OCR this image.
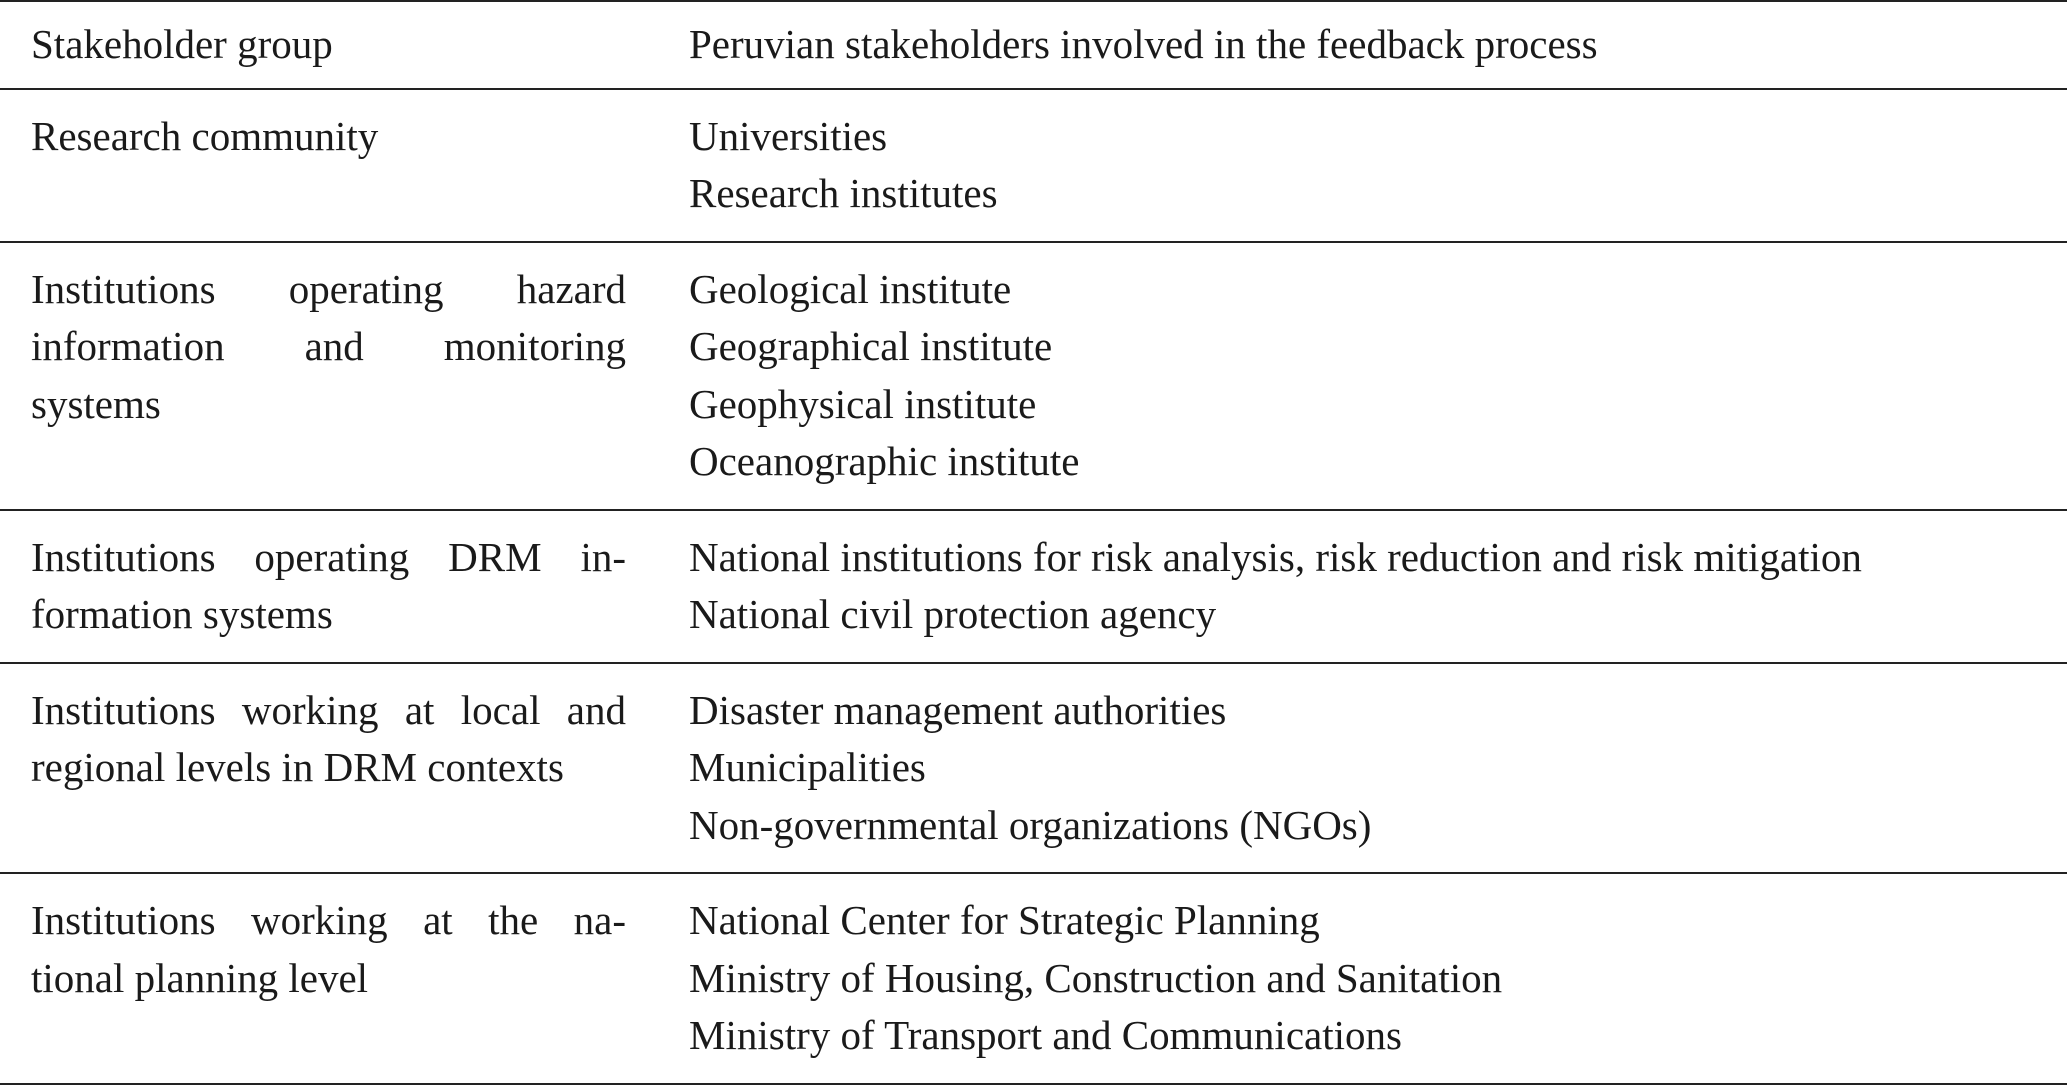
Stakeholder group	Peruvian stakeholders involved in the feedback process
Research community	Universities
Research institutes
Institutions operating hazard information and monitoring systems
Geological institute
Geographical institute
Geophysical institute
Oceanographic institute
Institutions operating DRM in-
formation systems
National institutions for risk analysis, risk reduction and risk mitigation
National civil protection agency
Institutions working at local and regional levels in DRM contexts
Disaster management authorities
Municipalities
Non-governmental organizations (NGOs)
Institutions working at the na-
tional planning level
National Center for Strategic Planning
Ministry of Housing, Construction and Sanitation
Ministry of Transport and Communications
